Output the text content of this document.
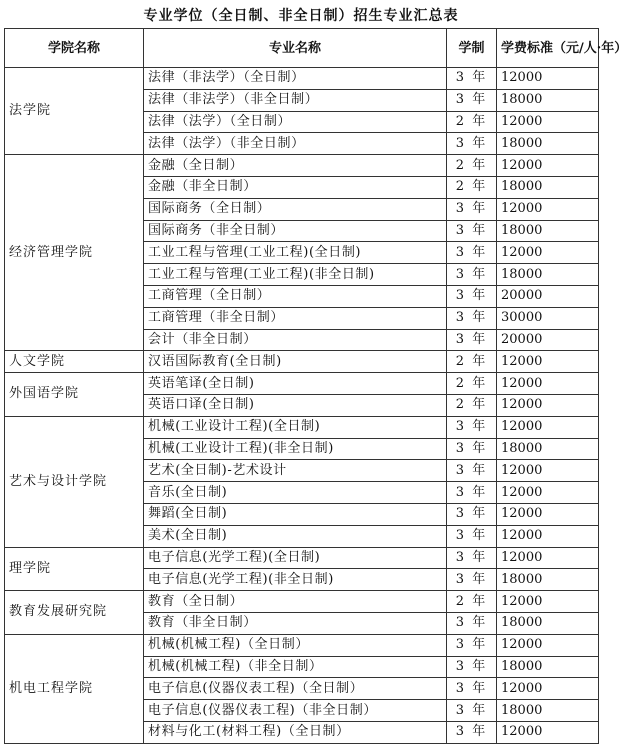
专业学位（全日制、非全日制）招生专业汇总表
学院名称	专业名称	学制	学费标准（元/人·年）
法学院	法律（非法学）（全日制）	3 年	12000
	法律（非法学）（非全日制）	3 年	18000
	法律（法学）（全日制）	2 年	12000
	法律（法学）（非全日制）	3 年	18000
经济管理学院	金融（全日制）	2 年	12000
	金融（非全日制）	2 年	18000
	国际商务（全日制）	3 年	12000
	国际商务（非全日制）	3 年	18000
	工业工程与管理(工业工程)(全日制)	3 年	12000
	工业工程与管理(工业工程)(非全日制)	3 年	18000
	工商管理（全日制）	3 年	20000
	工商管理（非全日制）	3 年	30000
	会计（非全日制）	3 年	20000
人文学院	汉语国际教育(全日制)	2 年	12000
外国语学院	英语笔译(全日制)	2 年	12000
	英语口译(全日制)	2 年	12000
艺术与设计学院	机械(工业设计工程)(全日制)	3 年	12000
	机械(工业设计工程)(非全日制)	3 年	18000
	艺术(全日制)-艺术设计	3 年	12000
	音乐(全日制)	3 年	12000
	舞蹈(全日制)	3 年	12000
	美术(全日制)	3 年	12000
理学院	电子信息(光学工程)(全日制)	3 年	12000
	电子信息(光学工程)(非全日制)	3 年	18000
教育发展研究院	教育（全日制）	2 年	12000
	教育（非全日制）	3 年	18000
机电工程学院	机械(机械工程)（全日制）	3 年	12000
	机械(机械工程)（非全日制）	3 年	18000
	电子信息(仪器仪表工程)（全日制）	3 年	12000
	电子信息(仪器仪表工程)（非全日制）	3 年	18000
	材料与化工(材料工程)（全日制）	3 年	12000
